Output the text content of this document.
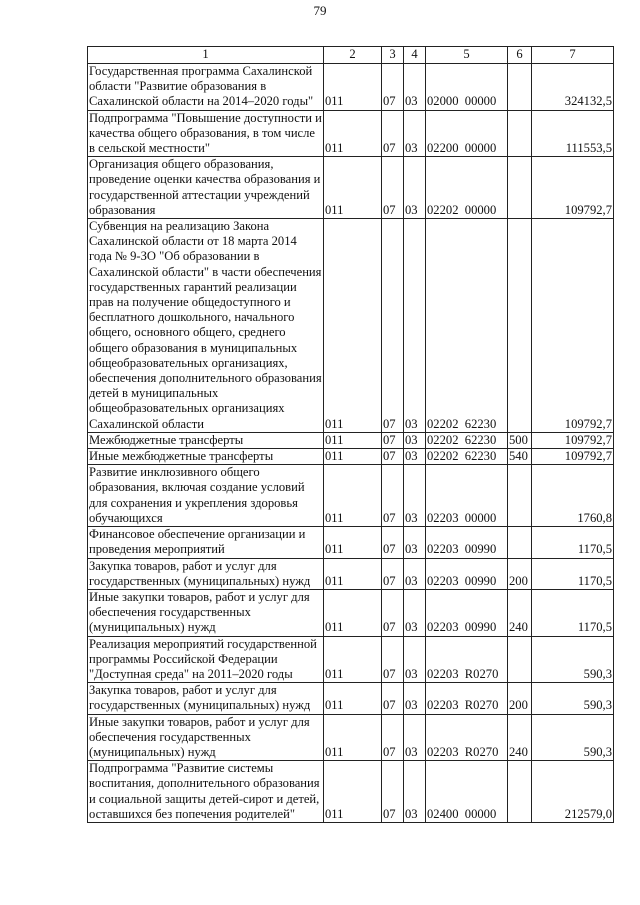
79
1	2	3	4	5	6	7
Государственная программа Сахалинской области "Развитие образования в Сахалинской области на 2014–2020 годы"	011	07	03	02000  00000		324132,5
Подпрограмма "Повышение доступности и качества общего образования, в том числе в сельской местности"	011	07	03	02200  00000		111553,5
Организация общего образования, проведение оценки качества образования и государственной аттестации учреждений образования	011	07	03	02202  00000		109792,7
Субвенция на реализацию Закона Сахалинской области от 18 марта 2014 года № 9-ЗО "Об образовании в Сахалинской области" в части обеспечения государственных гарантий реализации прав на получение общедоступного и бесплатного дошкольного, начального общего, основного общего, среднего общего образования в муниципальных общеобразовательных организациях, обеспечения дополнительного образования детей в муниципальных общеобразовательных организациях Сахалинской области	011	07	03	02202  62230		109792,7
Межбюджетные трансферты	011	07	03	02202  62230	500	109792,7
Иные межбюджетные трансферты	011	07	03	02202  62230	540	109792,7
Развитие инклюзивного общего образования, включая создание условий для сохранения и укрепления здоровья обучающихся	011	07	03	02203  00000		1760,8
Финансовое обеспечение организации и проведения мероприятий	011	07	03	02203  00990		1170,5
Закупка товаров, работ и услуг для государственных (муниципальных) нужд	011	07	03	02203  00990	200	1170,5
Иные закупки товаров, работ и услуг для обеспечения государственных (муниципальных) нужд	011	07	03	02203  00990	240	1170,5
Реализация мероприятий государственной программы Российской Федерации "Доступная среда" на 2011–2020 годы	011	07	03	02203  R0270		590,3
Закупка товаров, работ и услуг для государственных (муниципальных) нужд	011	07	03	02203  R0270	200	590,3
Иные закупки товаров, работ и услуг для обеспечения государственных (муниципальных) нужд	011	07	03	02203  R0270	240	590,3
Подпрограмма "Развитие системы воспитания, дополнительного образования и социальной защиты детей-сирот и детей, оставшихся без попечения родителей"	011	07	03	02400  00000		212579,0
